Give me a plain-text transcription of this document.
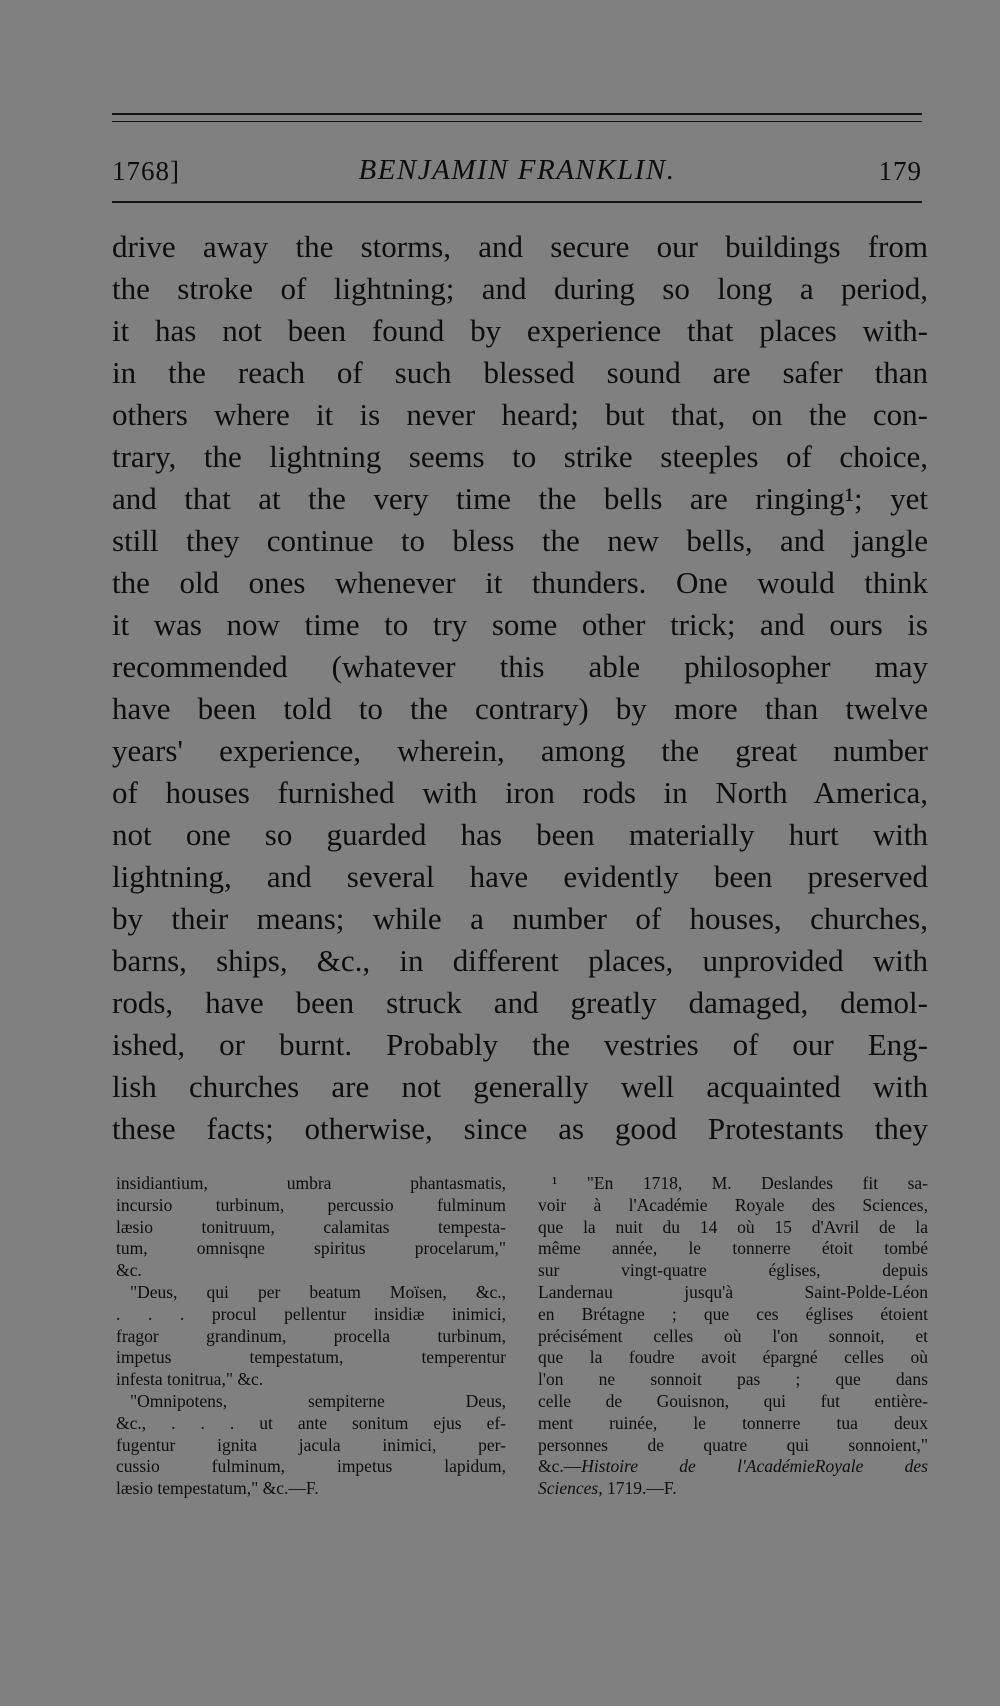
1768]	BENJAMIN FRANKLIN.	179
drive away the storms, and secure our buildings from
the stroke of lightning; and during so long a period,
it has not been found by experience that places with-
in the reach of such blessed sound are safer than
others where it is never heard; but that, on the con-
trary, the lightning seems to strike steeples of choice,
and that at the very time the bells are ringing¹; yet
still they continue to bless the new bells, and jangle
the old ones whenever it thunders. One would think
it was now time to try some other trick; and ours is
recommended (whatever this able philosopher may
have been told to the contrary) by more than twelve
years' experience, wherein, among the great number
of houses furnished with iron rods in North America,
not one so guarded has been materially hurt with
lightning, and several have evidently been preserved
by their means; while a number of houses, churches,
barns, ships, &c., in different places, unprovided with
rods, have been struck and greatly damaged, demol-
ished, or burnt. Probably the vestries of our Eng-
lish churches are not generally well acquainted with
these facts; otherwise, since as good Protestants they
insidiantium, umbra phantasmatis,
incursio turbinum, percussio fulminum
læsio tonitruum, calamitas tempesta-
tum, omnisqne spiritus procelarum,"
&c.
"Deus, qui per beatum Moïsen, &c.,
. . . procul pellentur insidiæ inimici,
fragor grandinum, procella turbinum,
impetus tempestatum, temperentur
infesta tonitrua," &c.
"Omnipotens, sempiterne Deus,
&c., . . . ut ante sonitum ejus ef-
fugentur ignita jacula inimici, per-
cussio fulminum, impetus lapidum,
læsio tempestatum," &c.—F.
¹ "En 1718, M. Deslandes fit sa-
voir à l'Académie Royale des Sciences,
que la nuit du 14 où 15 d'Avril de la
même année, le tonnerre étoit tombé
sur vingt-quatre églises, depuis
Landernau jusqu'à Saint-Polde-Léon
en Brétagne ; que ces églises étoient
précisément celles où l'on sonnoit, et
que la foudre avoit épargné celles où
l'on ne sonnoit pas ; que dans
celle de Gouisnon, qui fut entière-
ment ruinée, le tonnerre tua deux
personnes de quatre qui sonnoient,"
&c.—Histoire de l'AcadémieRoyale des
Sciences, 1719.—F.
